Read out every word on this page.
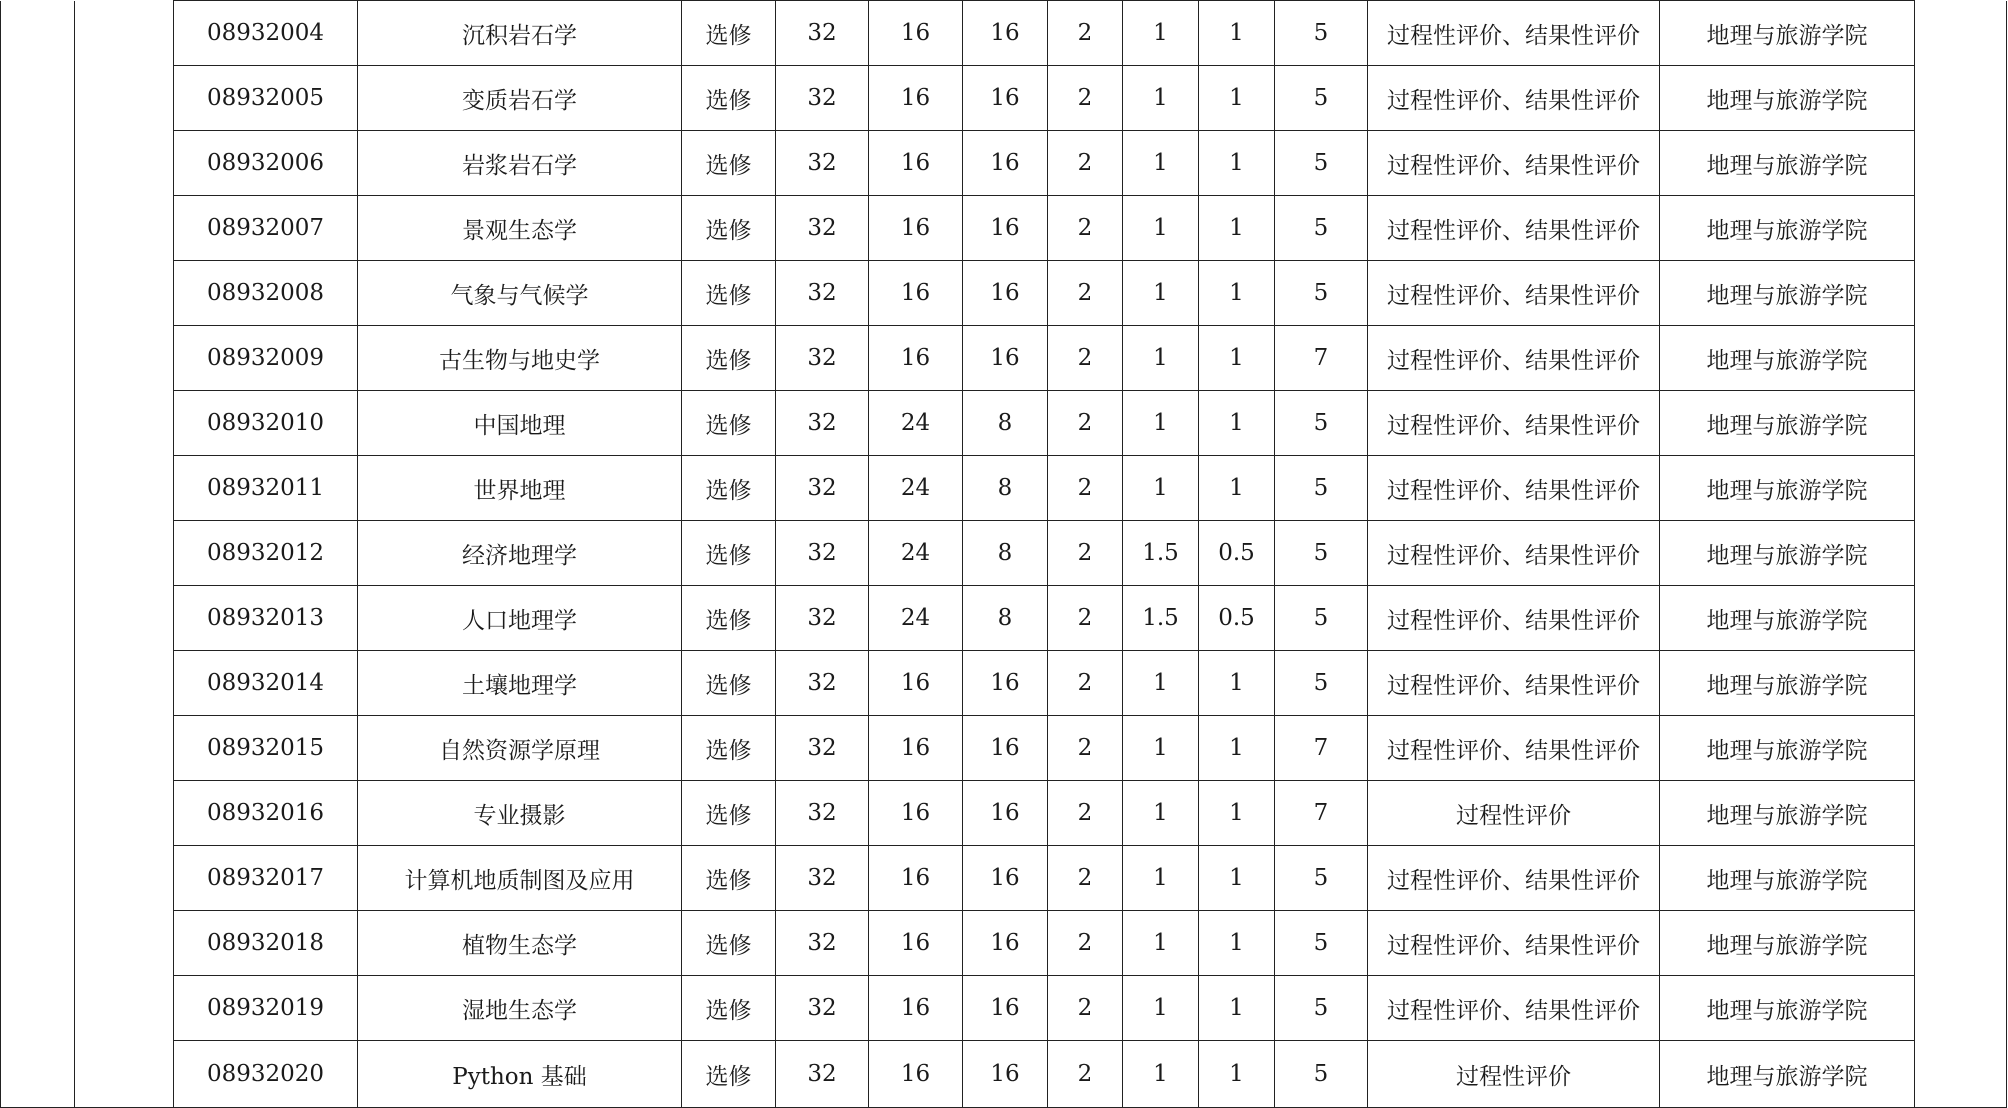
		08932004	沉积岩石学	选修	32	16	16	2	1	1	5	过程性评价、结果性评价	地理与旅游学院	
		08932005	变质岩石学	选修	32	16	16	2	1	1	5	过程性评价、结果性评价	地理与旅游学院	
		08932006	岩浆岩石学	选修	32	16	16	2	1	1	5	过程性评价、结果性评价	地理与旅游学院	
		08932007	景观生态学	选修	32	16	16	2	1	1	5	过程性评价、结果性评价	地理与旅游学院	
		08932008	气象与气候学	选修	32	16	16	2	1	1	5	过程性评价、结果性评价	地理与旅游学院	
		08932009	古生物与地史学	选修	32	16	16	2	1	1	7	过程性评价、结果性评价	地理与旅游学院	
		08932010	中国地理	选修	32	24	8	2	1	1	5	过程性评价、结果性评价	地理与旅游学院	
		08932011	世界地理	选修	32	24	8	2	1	1	5	过程性评价、结果性评价	地理与旅游学院	
		08932012	经济地理学	选修	32	24	8	2	1.5	0.5	5	过程性评价、结果性评价	地理与旅游学院	
		08932013	人口地理学	选修	32	24	8	2	1.5	0.5	5	过程性评价、结果性评价	地理与旅游学院	
		08932014	土壤地理学	选修	32	16	16	2	1	1	5	过程性评价、结果性评价	地理与旅游学院	
		08932015	自然资源学原理	选修	32	16	16	2	1	1	7	过程性评价、结果性评价	地理与旅游学院	
		08932016	专业摄影	选修	32	16	16	2	1	1	7	过程性评价	地理与旅游学院	
		08932017	计算机地质制图及应用	选修	32	16	16	2	1	1	5	过程性评价、结果性评价	地理与旅游学院	
		08932018	植物生态学	选修	32	16	16	2	1	1	5	过程性评价、结果性评价	地理与旅游学院	
		08932019	湿地生态学	选修	32	16	16	2	1	1	5	过程性评价、结果性评价	地理与旅游学院	
		08932020	Python 基础	选修	32	16	16	2	1	1	5	过程性评价	地理与旅游学院	
